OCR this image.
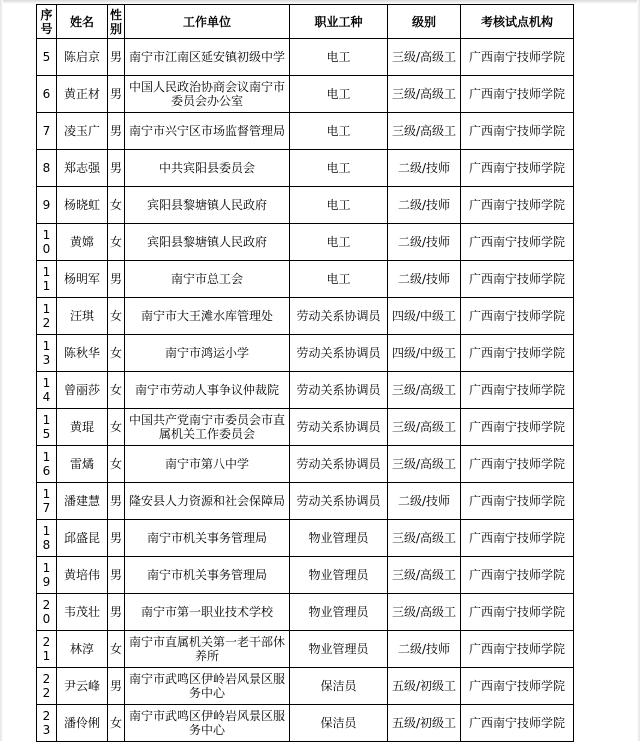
序号	姓名	性别	工作单位	职业工种	级别	考核试点机构
5	陈启京	男	南宁市江南区延安镇初级中学	电工	三级/高级工	广西南宁技师学院
6	黄正材	男	中国人民政治协商会议南宁市委员会办公室	电工	三级/高级工	广西南宁技师学院
7	凌玉广	男	南宁市兴宁区市场监督管理局	电工	三级/高级工	广西南宁技师学院
8	郑志强	男	中共宾阳县委员会	电工	二级/技师	广西南宁技师学院
9	杨晓虹	女	宾阳县黎塘镇人民政府	电工	二级/技师	广西南宁技师学院
10	黄嫦	女	宾阳县黎塘镇人民政府	电工	二级/技师	广西南宁技师学院
11	杨明军	男	南宁市总工会	电工	二级/技师	广西南宁技师学院
12	汪琪	女	南宁市大王滩水库管理处	劳动关系协调员	四级/中级工	广西南宁技师学院
13	陈秋华	女	南宁市鸿运小学	劳动关系协调员	四级/中级工	广西南宁技师学院
14	曾丽莎	女	南宁市劳动人事争议仲裁院	劳动关系协调员	三级/高级工	广西南宁技师学院
15	黄琨	女	中国共产党南宁市委员会市直属机关工作委员会	劳动关系协调员	三级/高级工	广西南宁技师学院
16	雷燏	女	南宁市第八中学	劳动关系协调员	三级/高级工	广西南宁技师学院
17	潘建慧	男	隆安县人力资源和社会保障局	劳动关系协调员	二级/技师	广西南宁技师学院
18	邱盛昆	男	南宁市机关事务管理局	物业管理员	三级/高级工	广西南宁技师学院
19	黄培伟	男	南宁市机关事务管理局	物业管理员	三级/高级工	广西南宁技师学院
20	韦茂壮	男	南宁市第一职业技术学校	物业管理员	三级/高级工	广西南宁技师学院
21	林淳	女	南宁市直属机关第一老干部休养所	物业管理员	二级/技师	广西南宁技师学院
22	尹云峰	男	南宁市武鸣区伊岭岩风景区服务中心	保洁员	五级/初级工	广西南宁技师学院
23	潘伶俐	女	南宁市武鸣区伊岭岩风景区服务中心	保洁员	五级/初级工	广西南宁技师学院
